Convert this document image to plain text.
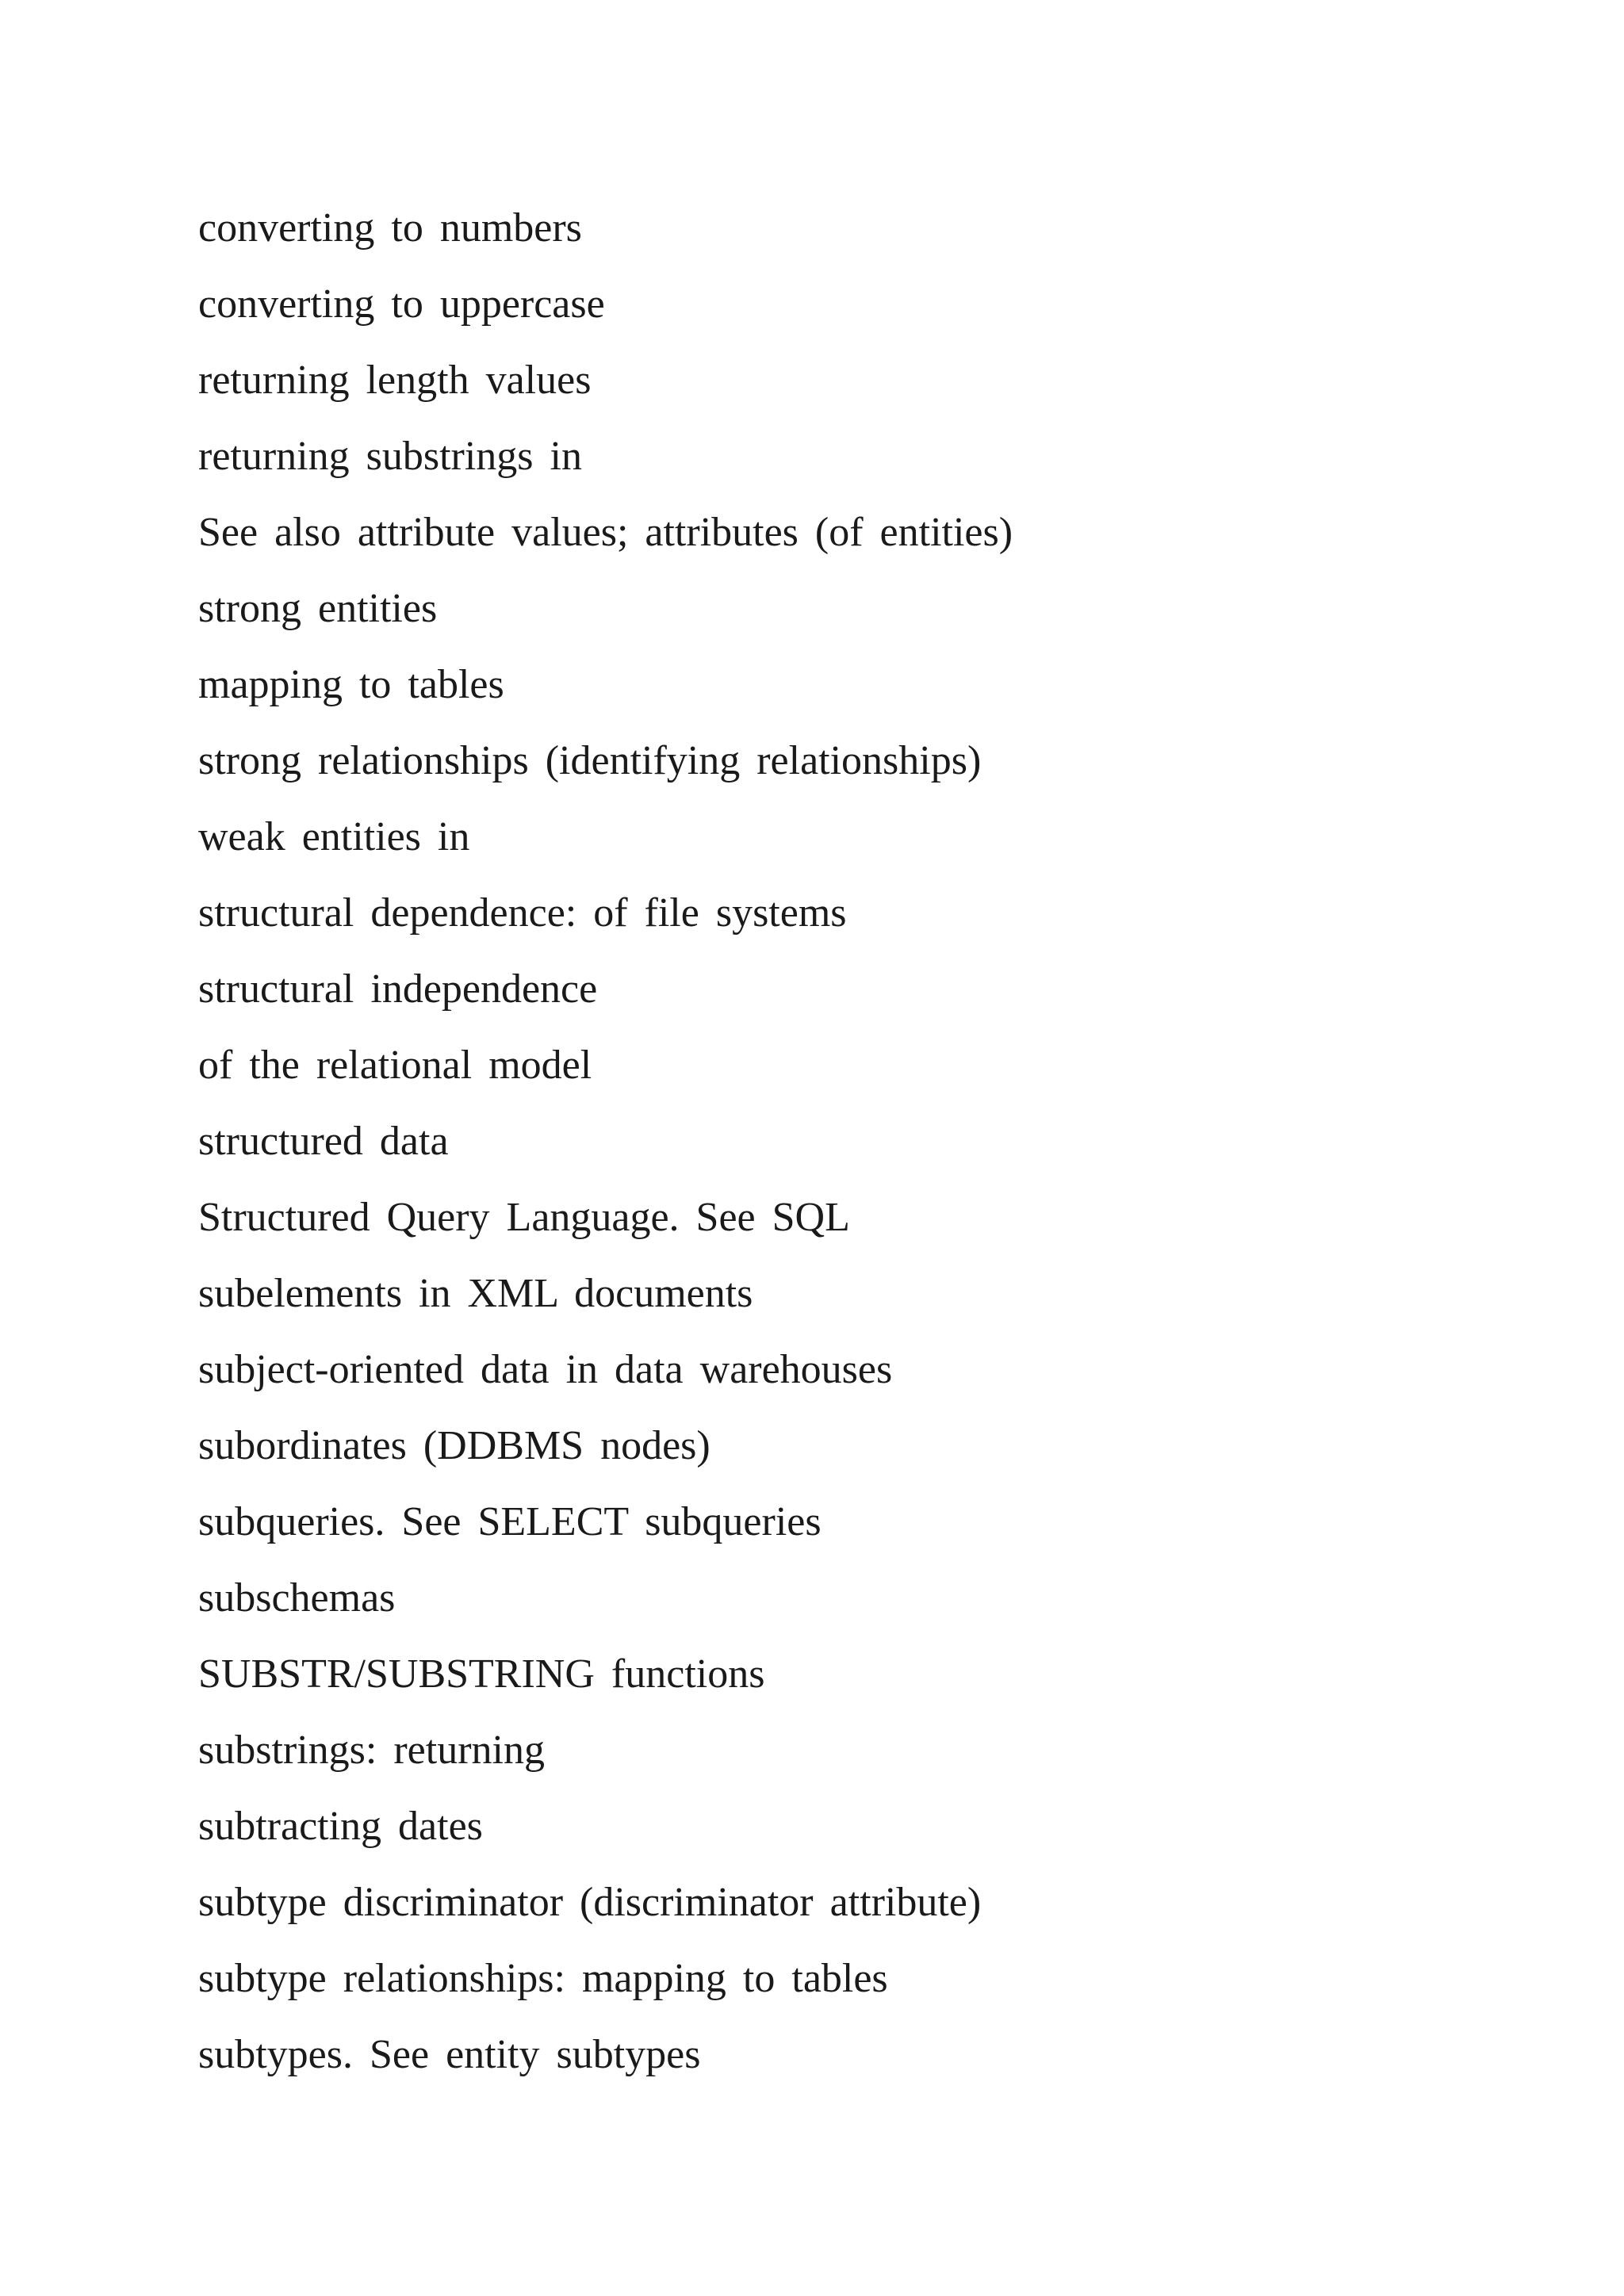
converting to numbers
converting to uppercase
returning length values
returning substrings in
See also attribute values; attributes (of entities)
strong entities
mapping to tables
strong relationships (identifying relationships)
weak entities in
structural dependence: of file systems
structural independence
of the relational model
structured data
Structured Query Language. See SQL
subelements in XML documents
subject-oriented data in data warehouses
subordinates (DDBMS nodes)
subqueries. See SELECT subqueries
subschemas
SUBSTR/SUBSTRING functions
substrings: returning
subtracting dates
subtype discriminator (discriminator attribute)
subtype relationships: mapping to tables
subtypes. See entity subtypes
